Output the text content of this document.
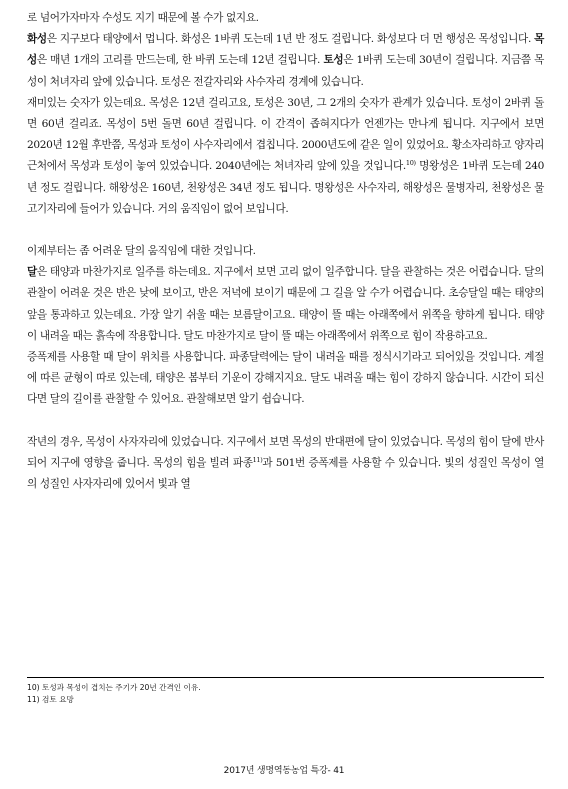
로 넘어가자마자 수성도 지기 때문에 볼 수가 없지요.

화성은 지구보다 태양에서 멉니다. 화성은 1바퀴 도는데 1년 반 정도 걸립니다. 화성보다 더 먼 행성은 목성입니다. 목성은 매년 1개의 고리를 만드는데, 한 바퀴 도는데 12년 걸립니다. 토성은 1바퀴 도는데 30년이 걸립니다. 지금쯤 목성이 처녀자리 앞에 있습니다. 토성은 전갈자리와 사수자리 경계에 있습니다.

재미있는 숫자가 있는데요. 목성은 12년 걸리고요, 토성은 30년, 그 2개의 숫자가 관계가 있습니다. 토성이 2바퀴 돌면 60년 걸리죠. 목성이 5번 돌면 60년 걸립니다. 이 간격이 좁혀지다가 언젠가는 만나게 됩니다. 지구에서 보면 2020년 12월 후반쯤, 목성과 토성이 사수자리에서 겹칩니다. 2000년도에 같은 일이 있었어요. 황소자리하고 양자리 근처에서 목성과 토성이 놓여 있었습니다. 2040년에는 처녀자리 앞에 있을 것입니다.$^{10)}$ 명왕성은 1바퀴 도는데 240년 정도 걸립니다. 해왕성은 160년, 천왕성은 34년 정도 됩니다. 명왕성은 사수자리, 해왕성은 물병자리, 천왕성은 물고기자리에 들어가 있습니다. 거의 움직임이 없어 보입니다.

이제부터는 좀 어려운 달의 움직임에 대한 것입니다.

달은 태양과 마찬가지로 일주를 하는데요. 지구에서 보면 고리 없이 일주합니다. 달을 관찰하는 것은 어렵습니다. 달의 관찰이 어려운 것은 반은 낮에 보이고, 반은 저녁에 보이기 때문에 그 길을 알 수가 어렵습니다. 초승달일 때는 태양의 앞을 통과하고 있는데요. 가장 알기 쉬울 때는 보름달이고요. 태양이 뜰 때는 아래쪽에서 위쪽을 향하게 됩니다. 태양이 내려올 때는 흙속에 작용합니다. 달도 마찬가지로 달이 뜰 때는 아래쪽에서 위쪽으로 힘이 작용하고요.

증폭제를 사용할 때 달이 위치를 사용합니다. 파종달력에는 달이 내려올 때를 정식시기라고 되어있을 것입니다. 계절에 따른 균형이 따로 있는데, 태양은 봄부터 기운이 강해지지요. 달도 내려올 때는 힘이 강하지 않습니다. 시간이 되신다면 달의 길이를 관찰할 수 있어요. 관찰해보면 알기 쉽습니다.

작년의 경우, 목성이 사자자리에 있었습니다. 지구에서 보면 목성의 반대편에 달이 있었습니다. 목성의 힘이 달에 반사되어 지구에 영향을 줍니다. 목성의 힘을 빌려 파종$^{11)}$과 501번 증폭제를 사용할 수 있습니다. 빛의 성질인 목성이 열의 성질인 사자자리에 있어서 빛과 열

10) 토성과 목성이 겹치는 주기가 20년 간격인 이유.
11) 검토 요망
2017년 생명역동농업 특강- 41
